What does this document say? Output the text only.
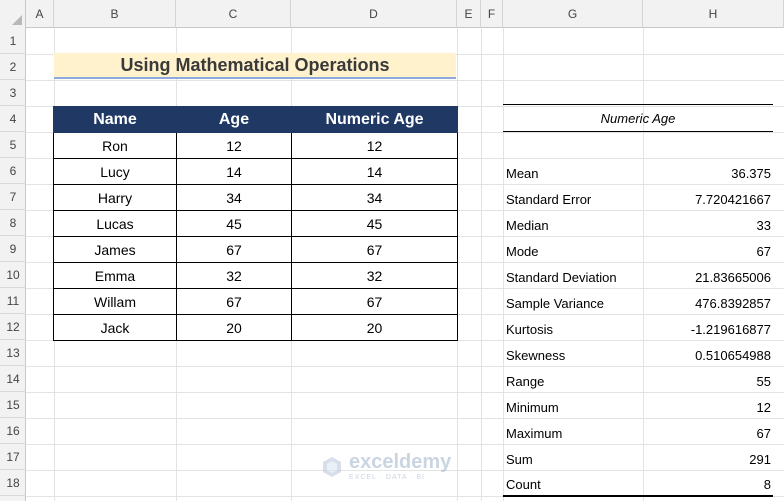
A	B	C	D	E	F	G	H
1
2
3
4
5
6
7
8
9
10
11
12
13
14
15
16
17
18
Using Mathematical Operations
Name	Age	Numeric Age
Ron	12	12
Lucy	14	14
Harry	34	34
Lucas	45	45
James	67	67
Emma	32	32
Willam	67	67
Jack	20	20
Numeric Age
Mean	36.375
Standard Error	7.720421667
Median	33
Mode	67
Standard Deviation	21.83665006
Sample Variance	476.8392857
Kurtosis	-1.219616877
Skewness	0.510654988
Range	55
Minimum	12
Maximum	67
Sum	291
Count	8
exceldemy
EXCEL · DATA · BI
